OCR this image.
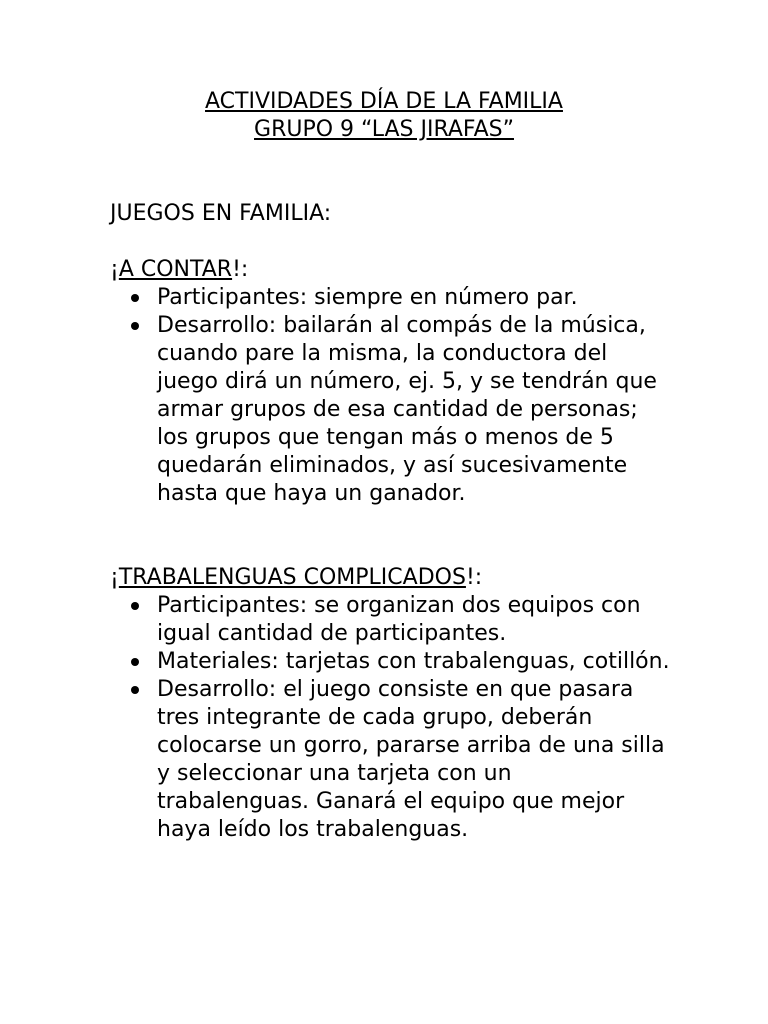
ACTIVIDADES DÍA DE LA FAMILIA
GRUPO 9 “LAS JIRAFAS”
JUEGOS EN FAMILIA:
¡A CONTAR!:
Participantes: siempre en número par.
Desarrollo: bailarán al compás de la música, cuando pare la misma, la conductora del juego dirá un número, ej. 5, y se tendrán que armar grupos de esa cantidad de personas; los grupos que tengan más o menos de 5 quedarán eliminados, y así sucesivamente hasta que haya un ganador.
¡TRABALENGUAS COMPLICADOS!:
Participantes: se organizan dos equipos con igual cantidad de participantes.
Materiales: tarjetas con trabalenguas, cotillón.
Desarrollo: el juego consiste en que pasara tres integrante de cada grupo, deberán colocarse un gorro, pararse arriba de una silla y seleccionar una tarjeta con un trabalenguas. Ganará el equipo que mejor haya leído los trabalenguas.
